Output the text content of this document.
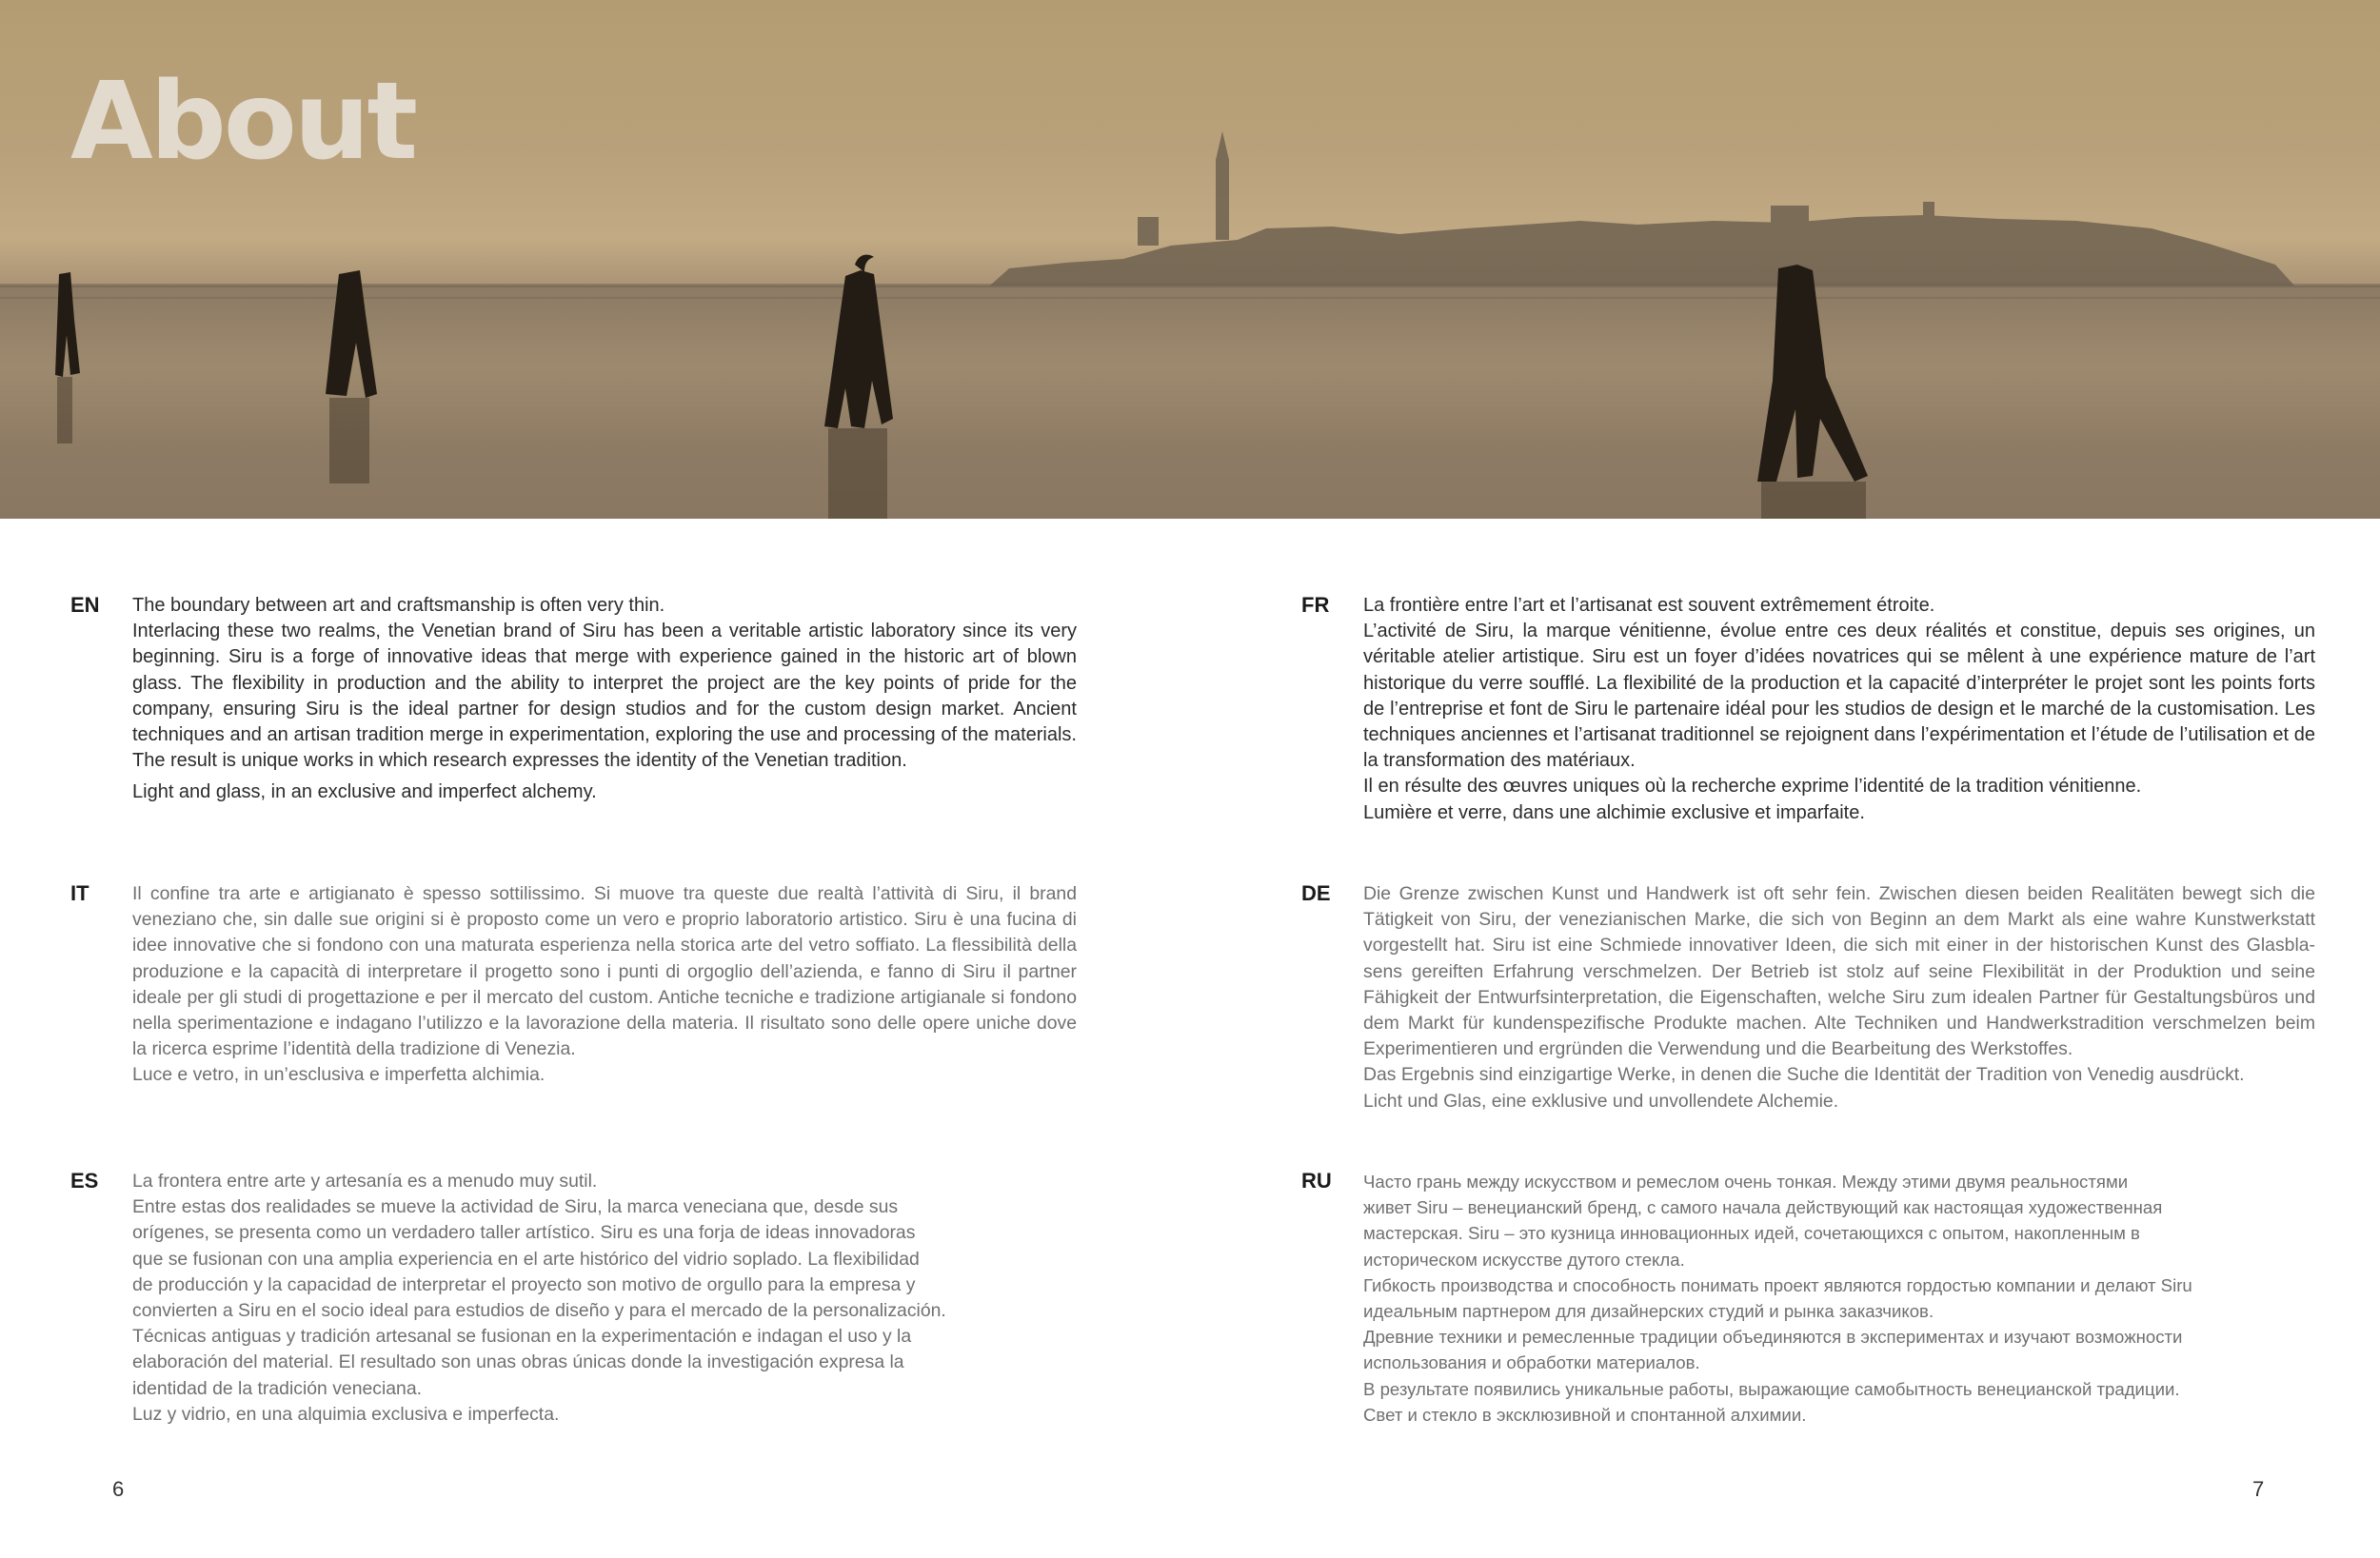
About
EN The boundary between art and craftsmanship is often very thin.
Interlacing these two realms, the Venetian brand of Siru has been a veritable artistic laboratory since its very beginning. Siru is a forge of innovative ideas that merge with experience gained in the historic art of blown glass. The flexibility in production and the ability to interpret the project are the key points of pride for the company, ensuring Siru is the ideal partner for design studios and for the custom design market. Ancient techniques and an artisan tradition merge in experimentation, exploring the use and processing of the materials. The result is unique works in which research expresses the identity of the Venetian tradition.
Light and glass, in an exclusive and imperfect alchemy.
FR La frontière entre l’art et l’artisanat est souvent extrêmement étroite.
L’activité de Siru, la marque vénitienne, évolue entre ces deux réalités et constitue, depuis ses origines, un véritable atelier artistique. Siru est un foyer d’idées novatrices qui se mêlent à une expérience mature de l’art historique du verre soufflé. La flexibilité de la production et la capacité d’interpréter le projet sont les points forts de l’entreprise et font de Siru le partenaire idéal pour les studios de design et le marché de la customisation. Les techniques anciennes et l’artisanat traditionnel se rejoignent dans l’expérimentation et l’étude de l’utilisation et de la transformation des matériaux.
Il en résulte des œuvres uniques où la recherche exprime l’identité de la tradition vénitienne.
Lumière et verre, dans une alchimie exclusive et imparfaite.
IT Il confine tra arte e artigianato è spesso sottilissimo. Si muove tra queste due realtà l’attività di Siru, il brand veneziano che, sin dalle sue origini si è proposto come un vero e proprio laboratorio artistico. Siru è una fucina di idee innovative che si fondono con una maturata esperienza nella storica arte del vetro soffiato. La flessibilità della produzione e la capacità di interpretare il progetto sono i punti di orgoglio dell’azienda, e fanno di Siru il partner ideale per gli studi di progettazione e per il mercato del custom. Antiche tecniche e tradizione artigianale si fondono nella sperimentazione e indagano l’utilizzo e la lavorazione della materia. Il risultato sono delle opere uniche dove la ricerca esprime l’identità della tradizione di Venezia.
Luce e vetro, in un’esclusiva e imperfetta alchimia.
DE Die Grenze zwischen Kunst und Handwerk ist oft sehr fein. Zwischen diesen beiden Realitäten bewegt sich die Tätigkeit von Siru, der venezianischen Marke, die sich von Beginn an dem Markt als eine wahre Kunstwerkstatt vorgestellt hat. Siru ist eine Schmiede innovativer Ideen, die sich mit einer in der historischen Kunst des Glasbla-sens gereiften Erfahrung verschmelzen. Der Betrieb ist stolz auf seine Flexibilität in der Produktion und seine Fähigkeit der Entwurfsinterpretation, die Eigenschaften, welche Siru zum idealen Partner für Gestaltungsbüros und dem Markt für kundenspezifische Produkte machen. Alte Techniken und Handwerkstradition verschmelzen beim Experimentieren und ergründen die Verwendung und die Bearbeitung des Werkstoffes.
Das Ergebnis sind einzigartige Werke, in denen die Suche die Identität der Tradition von Venedig ausdrückt.
Licht und Glas, eine exklusive und unvollendete Alchemie.
ES La frontera entre arte y artesanía es a menudo muy sutil.
Entre estas dos realidades se mueve la actividad de Siru, la marca veneciana que, desde sus
orígenes, se presenta como un verdadero taller artístico. Siru es una forja de ideas innovadoras
que se fusionan con una amplia experiencia en el arte histórico del vidrio soplado. La flexibilidad
de producción y la capacidad de interpretar el proyecto son motivo de orgullo para la empresa y
convierten a Siru en el socio ideal para estudios de diseño y para el mercado de la personalización.
Técnicas antiguas y tradición artesanal se fusionan en la experimentación e indagan el uso y la
elaboración del material. El resultado son unas obras únicas donde la investigación expresa la
identidad de la tradición veneciana.
Luz y vidrio, en una alquimia exclusiva e imperfecta.
RU Часто грань между искусством и ремеслом очень тонкая. Между этими двумя реальностями
живет Siru – венецианский бренд, с самого начала действующий как настоящая художественная
мастерская. Siru – это кузница инновационных идей, сочетающихся с опытом, накопленным в
историческом искусстве дутого стекла.
Гибкость производства и способность понимать проект являются гордостью компании и делают Siru
идеальным партнером для дизайнерских студий и рынка заказчиков.
Древние техники и ремесленные традиции объединяются в экспериментах и изучают возможности
использования и обработки материалов.
В результате появились уникальные работы, выражающие самобытность венецианской традиции.
Свет и стекло в эксклюзивной и спонтанной алхимии.
6	7
